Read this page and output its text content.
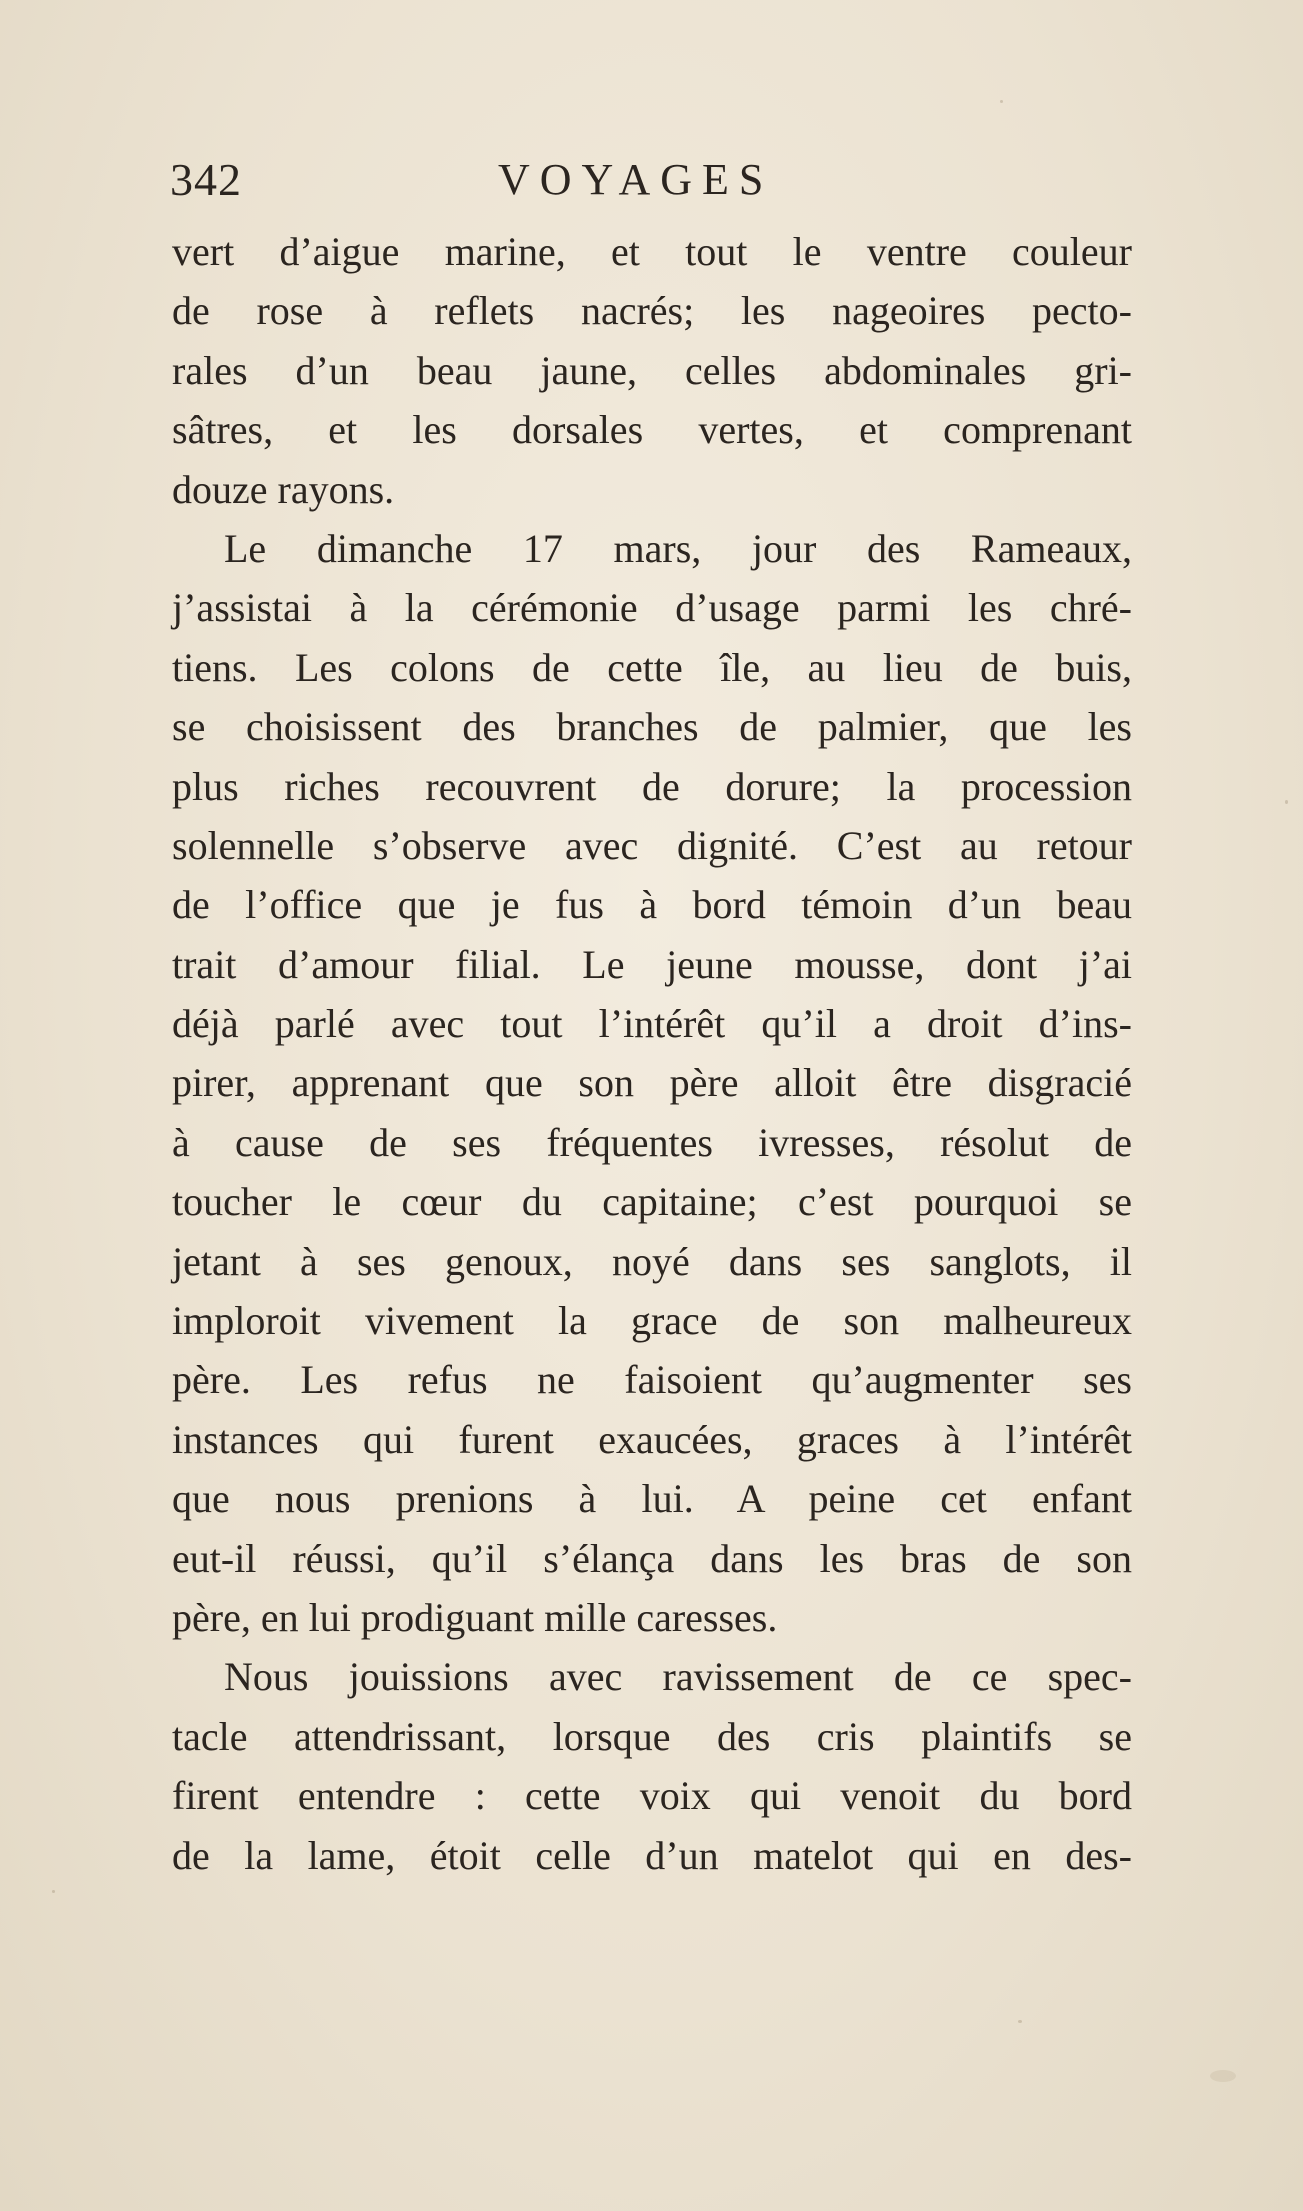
342	VOYAGES
vert d’aigue marine, et tout le ventre couleur
de rose à reflets nacrés; les nageoires pecto-
rales d’un beau jaune, celles abdominales gri-
sâtres, et les dorsales vertes, et comprenant
douze rayons.
Le dimanche 17 mars, jour des Rameaux,
j’assistai à la cérémonie d’usage parmi les chré-
tiens. Les colons de cette île, au lieu de buis,
se choisissent des branches de palmier, que les
plus riches recouvrent de dorure; la procession
solennelle s’observe avec dignité. C’est au retour
de l’office que je fus à bord témoin d’un beau
trait d’amour filial. Le jeune mousse, dont j’ai
déjà parlé avec tout l’intérêt qu’il a droit d’ins-
pirer, apprenant que son père alloit être disgracié
à cause de ses fréquentes ivresses, résolut de
toucher le cœur du capitaine; c’est pourquoi se
jetant à ses genoux, noyé dans ses sanglots, il
imploroit vivement la grace de son malheureux
père. Les refus ne faisoient qu’augmenter ses
instances qui furent exaucées, graces à l’intérêt
que nous prenions à lui. A peine cet enfant
eut-il réussi, qu’il s’élança dans les bras de son
père, en lui prodiguant mille caresses.
Nous jouissions avec ravissement de ce spec-
tacle attendrissant, lorsque des cris plaintifs se
firent entendre : cette voix qui venoit du bord
de la lame, étoit celle d’un matelot qui en des-
